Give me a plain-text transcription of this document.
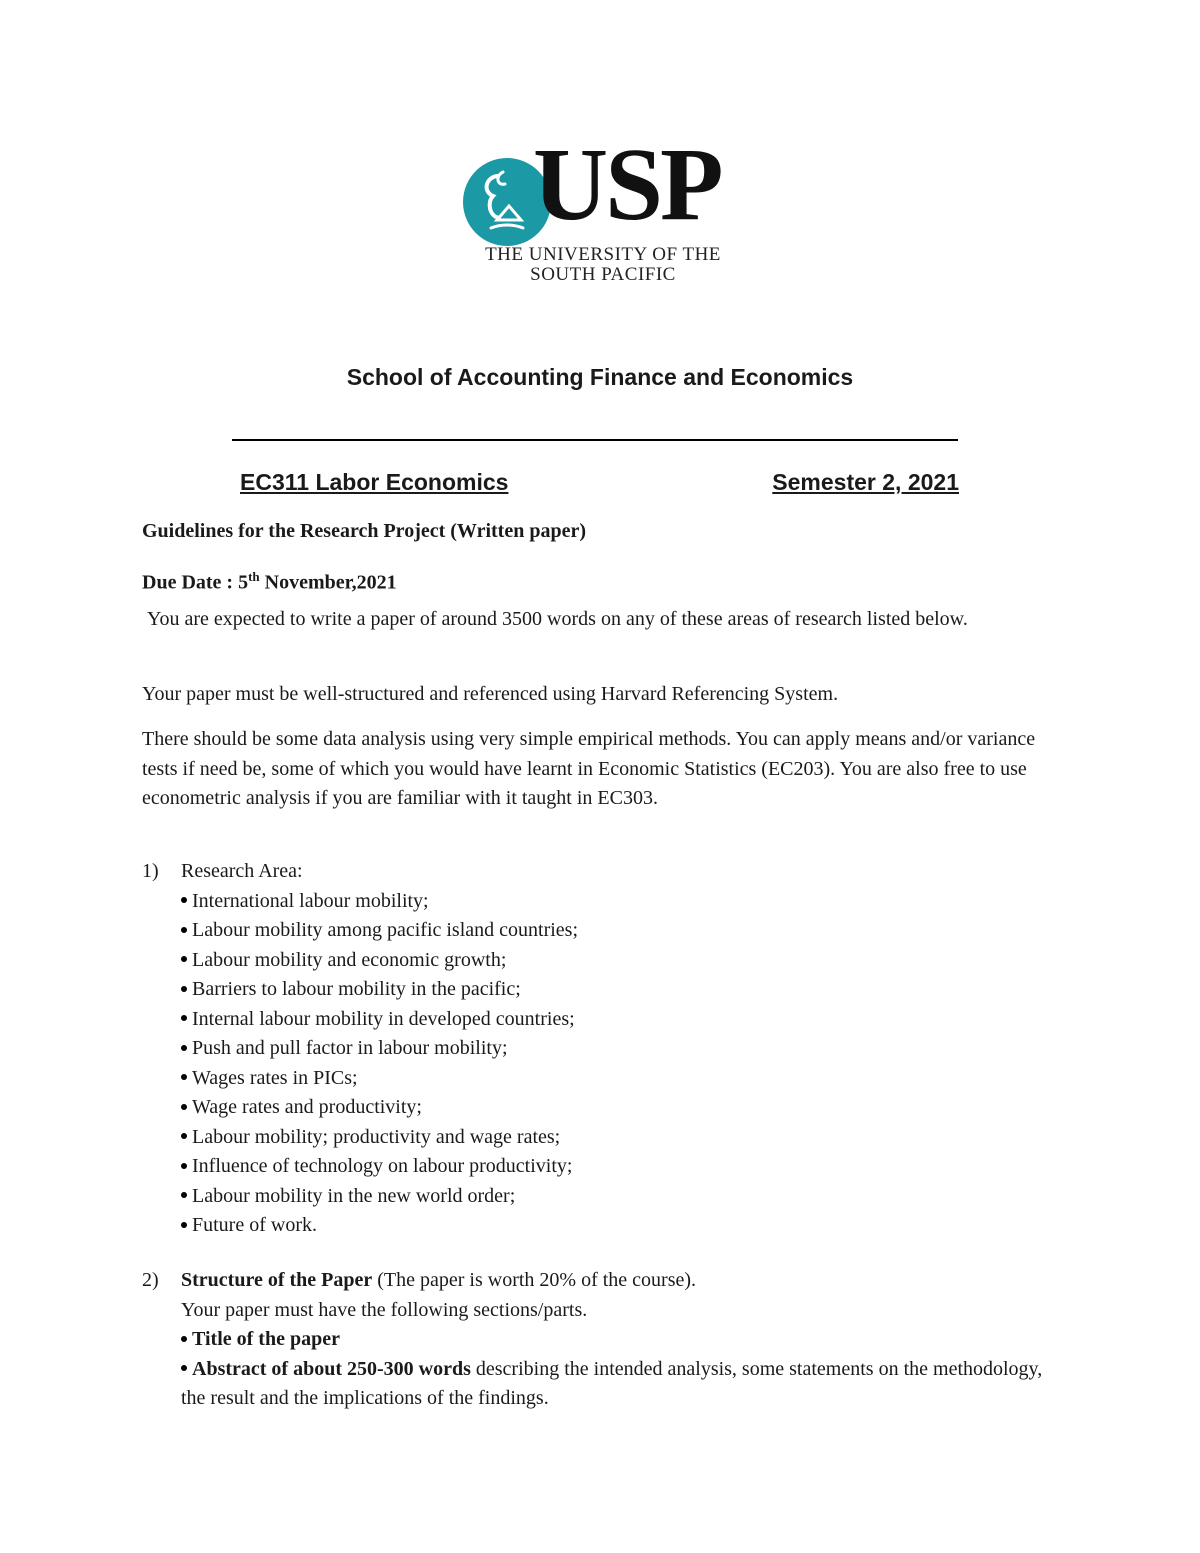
USP
THE UNIVERSITY OF THE
SOUTH PACIFIC
School of Accounting Finance and Economics
EC311 Labor Economics	Semester 2, 2021

Guidelines for the Research Project (Written paper)

Due Date : 5th November,2021

You are expected to write a paper of around 3500 words on any of these areas of research listed below.

Your paper must be well-structured and referenced using Harvard Referencing System.

There should be some data analysis using very simple empirical methods. You can apply means and/or variance tests if need be, some of which you would have learnt in Economic Statistics (EC203). You are also free to use econometric analysis if you are familiar with it taught in EC303.

1)	Research Area:
International labour mobility;
Labour mobility among pacific island countries;
Labour mobility and economic growth;
Barriers to labour mobility in the pacific;
Internal labour mobility in developed countries;
Push and pull factor in labour mobility;
Wages rates in PICs;
Wage rates and productivity;
Labour mobility; productivity and wage rates;
Influence of technology on labour productivity;
Labour mobility in the new world order;
Future of work.
2)	Structure of the Paper (The paper is worth 20% of the course).
Your paper must have the following sections/parts.
Title of the paper
Abstract of about 250-300 words describing the intended analysis, some statements on the methodology, the result and the implications of the findings.
